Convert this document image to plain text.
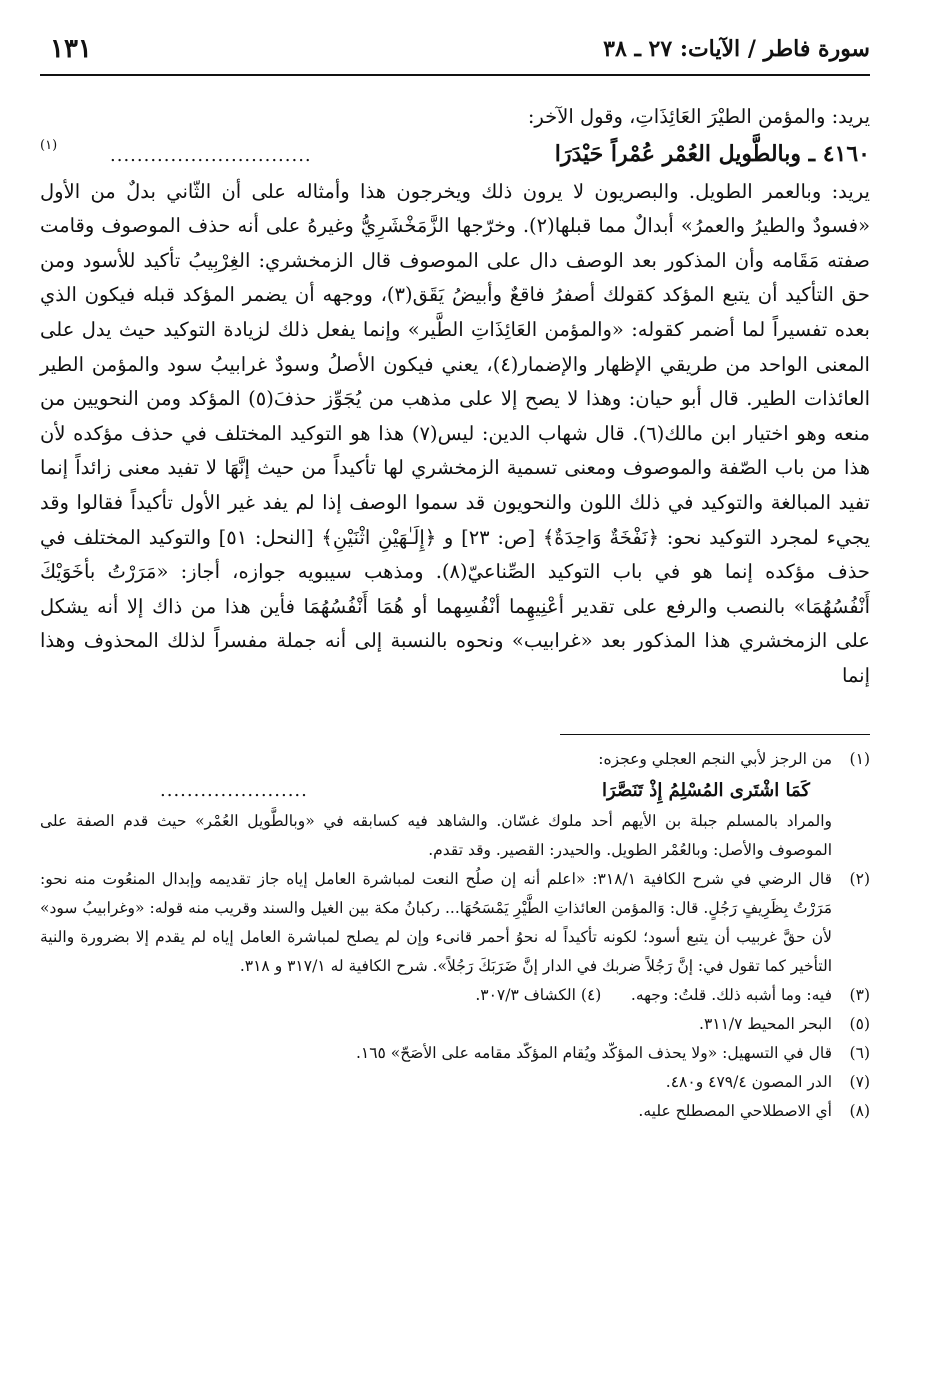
سورة فاطر / الآيات: ٢٧ ـ ٣٨
١٣١

يريد: والمؤمن الطيْرَ العَائِذَاتِ، وقول الآخر:

٤١٦٠ ـ وبالطَّويل العُمْر عُمْراً حَيْدَرَا
..............................
(١)

يريد: وبالعمر الطويل. والبصريون لا يرون ذلك ويخرجون هذا وأمثاله على أن الثّاني بدلٌ من الأول «فسودٌ والطيرُ والعمرُ» أبدالٌ مما قبلها(٢). وخرّجها الزَّمَخْشَرِيُّ وغيرهُ على أنه حذف الموصوف وقامت صفته مَقَامه وأن المذكور بعد الوصف دال على الموصوف قال الزمخشري: الغِرْبِيبُ تأكيد للأسود ومن حق التأكيد أن يتبع المؤكد كقولك أصفرُ فاقعٌ وأبيضُ يَقَق(٣)، ووجهه أن يضمر المؤكد قبله فيكون الذي بعده تفسيراً لما أضمر كقوله: «والمؤمن العَائِذَاتِ الطَّير» وإنما يفعل ذلك لزيادة التوكيد حيث يدل على المعنى الواحد من طريقي الإظهار والإضمار(٤)، يعني فيكون الأصلُ وسودٌ غرابيبُ سود والمؤمن الطير العائذات الطير. قال أبو حيان: وهذا لا يصح إلا على مذهب من يُجَوِّز حذفَ(٥) المؤكد ومن النحويين من منعه وهو اختيار ابن مالك(٦). قال شهاب الدين: ليس(٧) هذا هو التوكيد المختلف في حذف مؤكده لأن هذا من باب الصّفة والموصوف ومعنى تسمية الزمخشري لها تأكيداً من حيث إنَّهَا لا تفيد معنى زائداً إنما تفيد المبالغة والتوكيد في ذلك اللون والنحويون قد سموا الوصف إذا لم يفد غير الأول تأكيداً فقالوا وقد يجيء لمجرد التوكيد نحو: ﴿نَفْخَةٌ وَاحِدَةٌ﴾ [ص: ٢٣] و ﴿إِلَـٰهَيْنِ اثْنَيْنِ﴾ [النحل: ٥١] والتوكيد المختلف في حذف مؤكده إنما هو في باب التوكيد الصِّناعيّ(٨). ومذهب سيبويه جوازه، أجاز: «مَرَرْتُ بأخَوَيْكَ أَنْفُسُهُمَا» بالنصب والرفع على تقدير أعْنِيهِما أنْفُسِهما أو هُمَا أَنْفُسُهُمَا فأين هذا من ذاك إلا أنه يشكل على الزمخشري هذا المذكور بعد «غرابيب» ونحوه بالنسبة إلى أنه جملة مفسراً لذلك المحذوف وهذا إنما

(١)
من الرجز لأبي النجم العجلي وعجزه:
كَمَا اشْتَرى المُسْلِمُ إِذْ تَنَصَّرَا
......................
والمراد بالمسلم جبلة بن الأيهم أحد ملوك غسّان. والشاهد فيه كسابقه في «وبالطَّويل العُمْر» حيث قدم الصفة على الموصوف والأصل: وبالعُمْر الطويل. والحيدر: القصير. وقد تقدم.
(٢)
قال الرضي في شرح الكافية ٣١٨/١: «اعلم أنه إن صلُح النعت لمباشرة العامل إياه جاز تقديمه وإبدال المنعُوت منه نحو: مَرَرْتُ بِظَرِيفٍ رَجُلٍ. قال: وَالمؤمن العائذاتِ الطَّيْرِ يَمْسَحُهَا... ركبانُ مكة بين الغيل والسند وقريب منه قوله: «وغرابيبُ سود» لأن حقَّ غربيب أن يتبع أسود؛ لكونه تأكيداً له نحوُ أحمر قانىء وإن لم يصلح لمباشرة العامل إياه لم يقدم إلا بضرورة والنية التأخير كما تقول في: إنَّ رَجُلاً ضربك في الدار إنَّ ضَرَبَكَ رَجُلاً». شرح الكافية له ٣١٧/١ و ٣١٨.
(٣)
فيه: وما أشبه ذلك. قلتُ: وجهه.      (٤) الكشاف ٣٠٧/٣.
(٥)
البحر المحيط ٣١١/٧.
(٦)
قال في التسهيل: «ولا يحذف المؤكّد ويُقام المؤكّد مقامه على الأصَحّ» ١٦٥.
(٧)
الدر المصون ٤٧٩/٤ و٤٨٠.
(٨)
أي الاصطلاحي المصطلح عليه.
